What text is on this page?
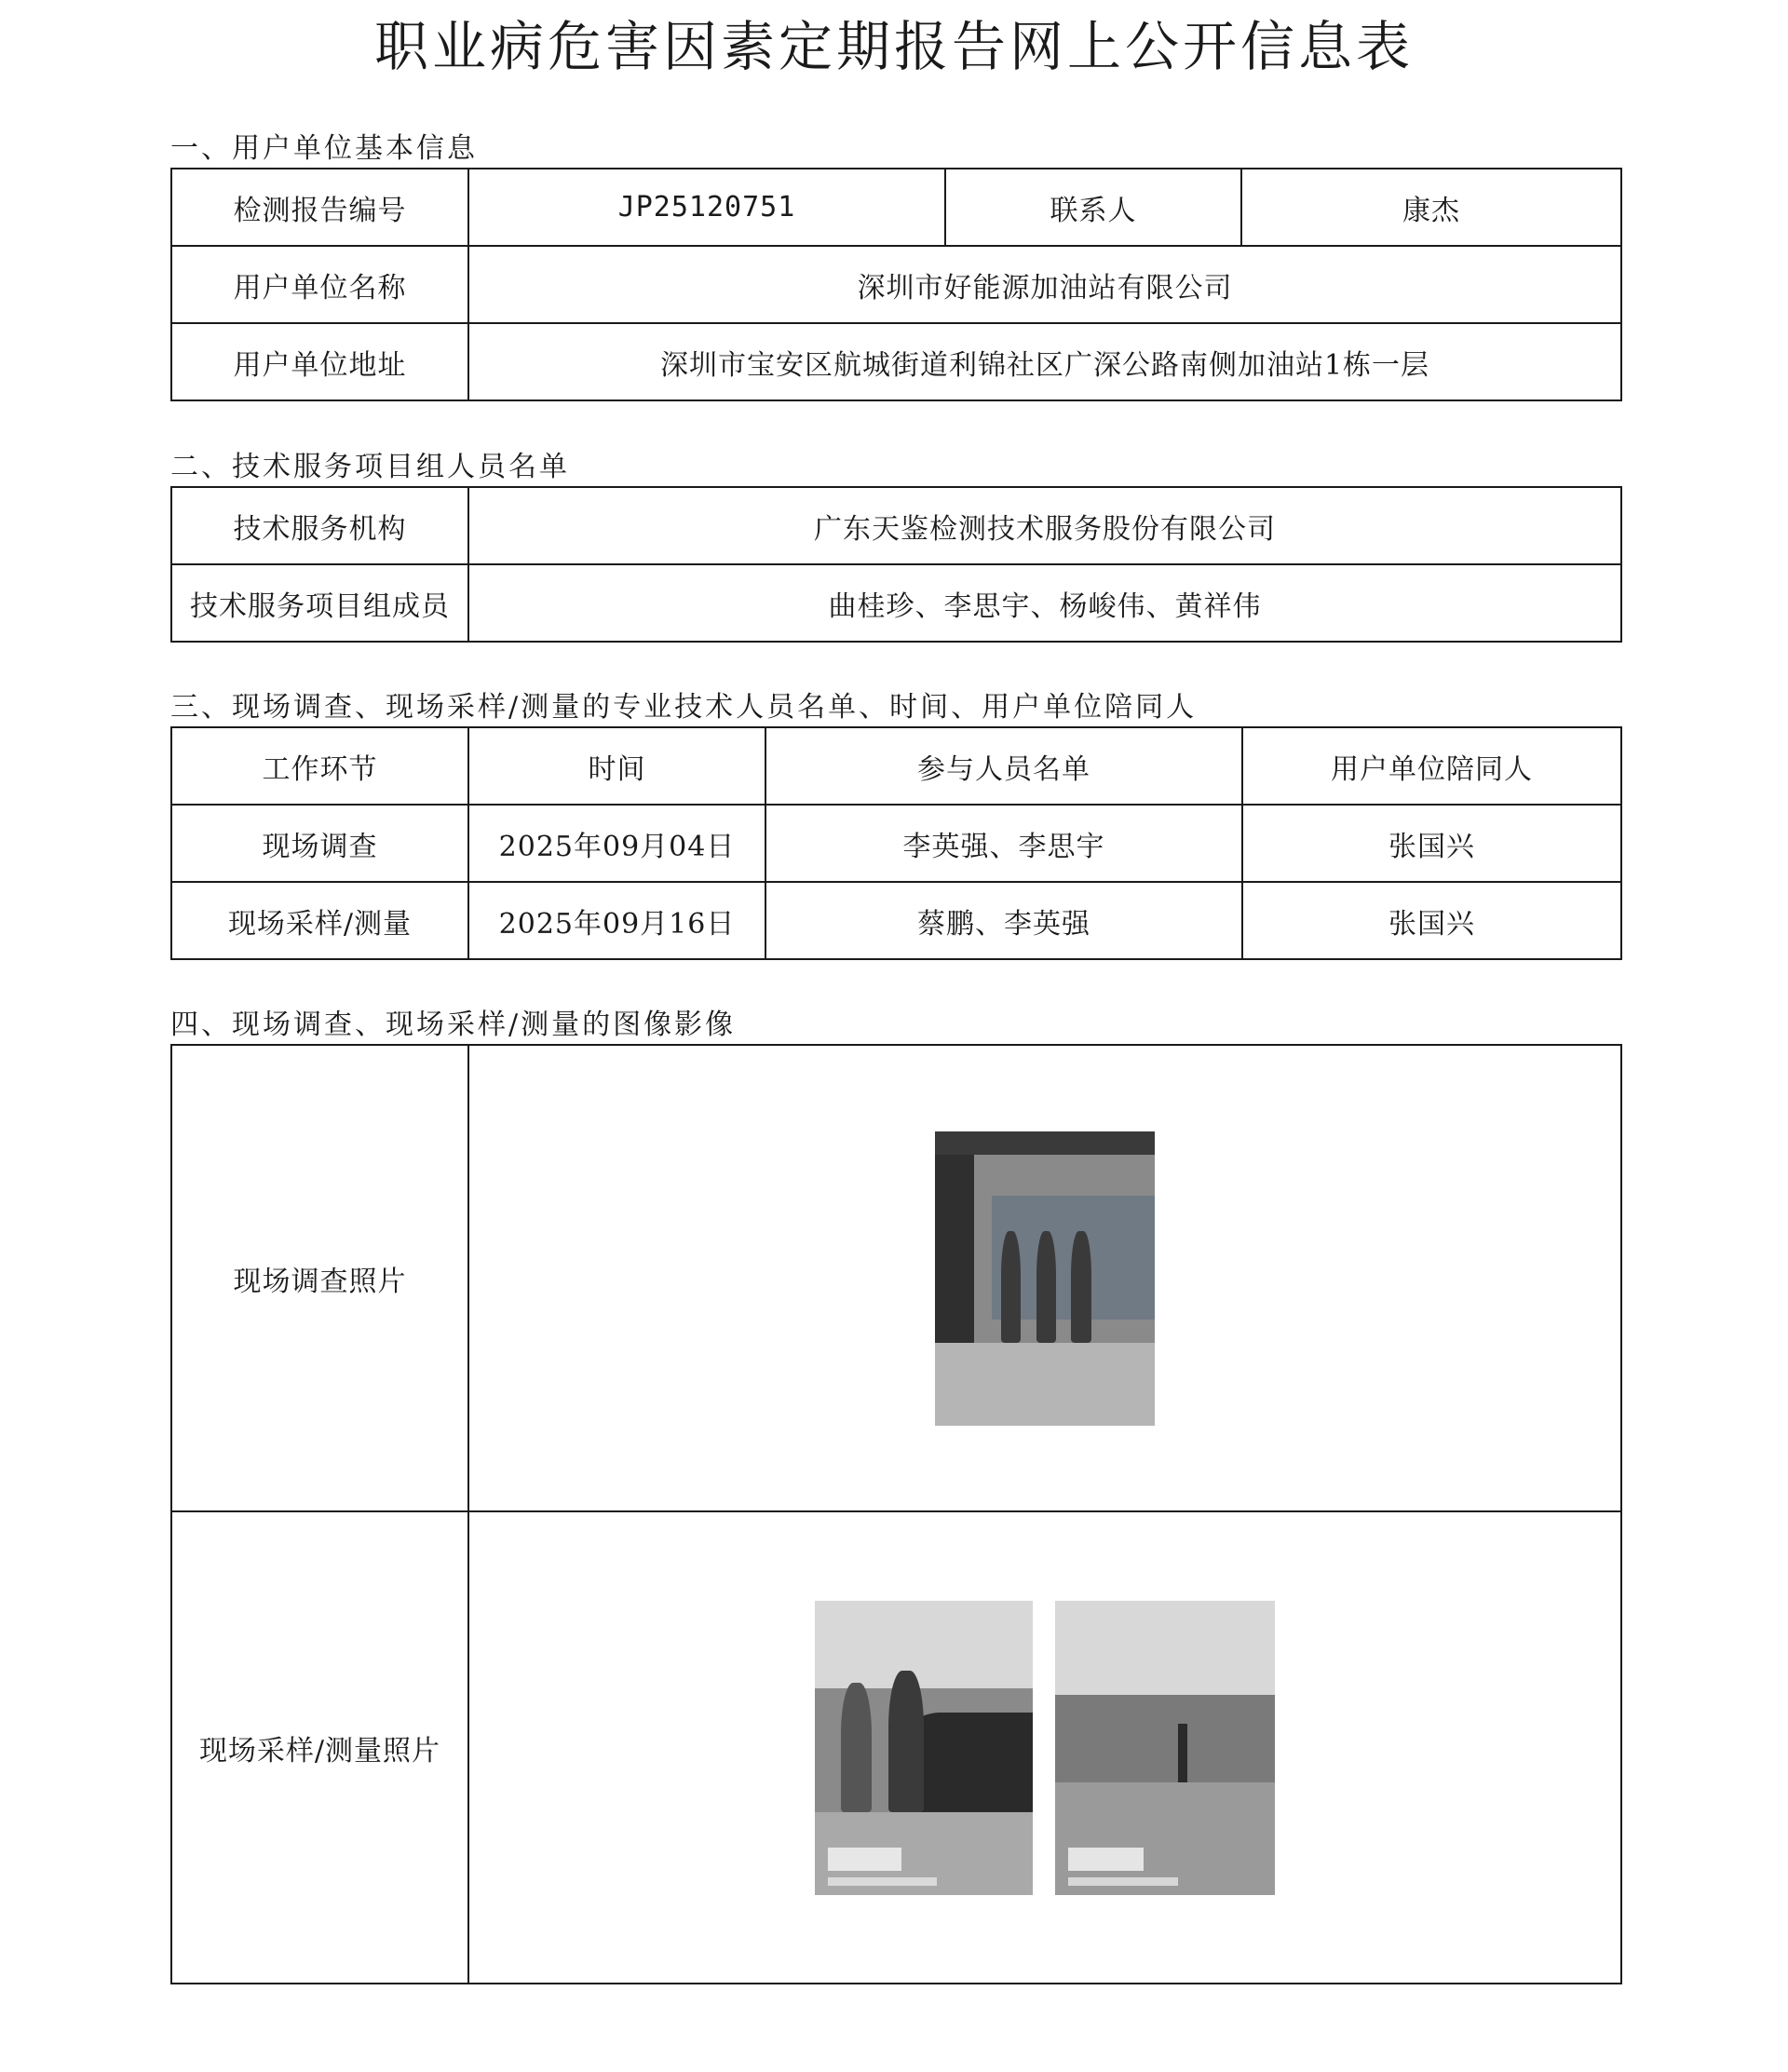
职业病危害因素定期报告网上公开信息表
一、用户单位基本信息
检测报告编号	JP25120751	联系人	康杰
用户单位名称	深圳市好能源加油站有限公司		
用户单位地址	深圳市宝安区航城街道利锦社区广深公路南侧加油站1栋一层		
二、技术服务项目组人员名单
技术服务机构	广东天鉴检测技术服务股份有限公司
技术服务项目组成员	曲桂珍、李思宇、杨峻伟、黄祥伟
三、现场调查、现场采样/测量的专业技术人员名单、时间、用户单位陪同人
工作环节	时间	参与人员名单	用户单位陪同人
现场调查	2025年09月04日	李英强、李思宇	张国兴
现场采样/测量	2025年09月16日	蔡鹏、李英强	张国兴
四、现场调查、现场采样/测量的图像影像
现场调查照片	

现场采样/测量照片	
